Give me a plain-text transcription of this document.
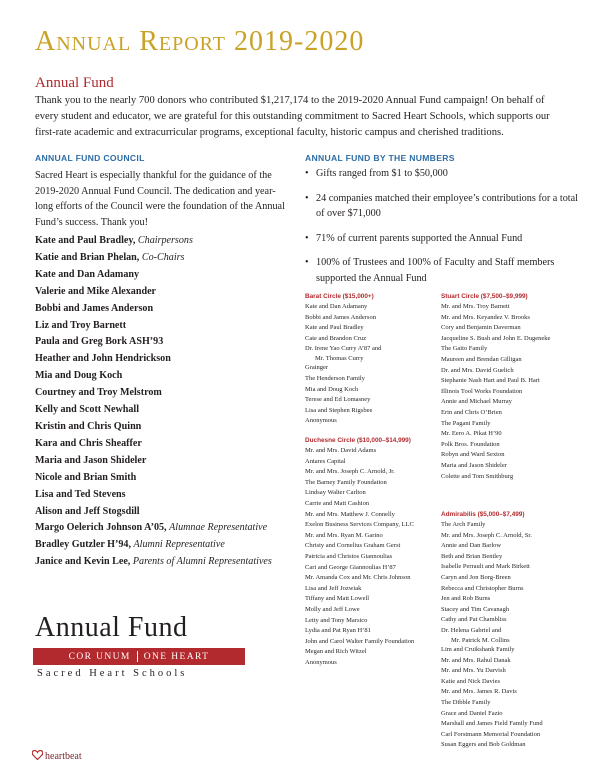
Annual Report 2019-2020
Annual Fund
Thank you to the nearly 700 donors who contributed $1,217,174 to the 2019-2020 Annual Fund campaign! On behalf of every student and educator, we are grateful for this outstanding commitment to Sacred Heart Schools, which supports our first-rate academic and extracurricular programs, exceptional faculty, historic campus and cherished traditions.
ANNUAL FUND COUNCIL
Sacred Heart is especially thankful for the guidance of the 2019-2020 Annual Fund Council. The dedication and year-long efforts of the Council were the foundation of the Annual Fund’s success. Thank you!
Kate and Paul Bradley, Chairpersons
Katie and Brian Phelan, Co-Chairs
Kate and Dan Adamany
Valerie and Mike Alexander
Bobbi and James Anderson
Liz and Troy Barnett
Paula and Greg Bork ASH’93
Heather and John Hendrickson
Mia and Doug Koch
Courtney and Troy Melstrom
Kelly and Scott Newhall
Kristin and Chris Quinn
Kara and Chris Sheaffer
Maria and Jason Shideler
Nicole and Brian Smith
Lisa and Ted Stevens
Alison and Jeff Stogsdill
Margo Oelerich Johnson A’05, Alumnae Representative
Bradley Gutzler H’94, Alumni Representative
Janice and Kevin Lee, Parents of Alumni Representatives
ANNUAL FUND BY THE NUMBERS
• Gifts ranged from $1 to $50,000
• 24 companies matched their employee’s contributions for a total of over $71,000
• 71% of current parents supported the Annual Fund
• 100% of Trustees and 100% of Faculty and Staff members supported the Annual Fund
Barat Circle ($15,000+)
Kate and Dan Adamany
Bobbi and James Anderson
Kate and Paul Bradley
Cate and Brandon Cruz
Dr. Irene Yao Curry A’87 and
Mr. Thomas Curry
Grainger
The Henderson Family
Mia and Doug Koch
Terese and Ed Lomasney
Lisa and Stephen Rigsbee
Anonymous
Duchesne Circle ($10,000–$14,999)
Mr. and Mrs. David Adams
Antares Capital
Mr. and Mrs. Joseph C. Arnold, Jr.
The Barney Family Foundation
Lindsay Walter Carlton
Carrie and Matt Cashion
Mr. and Mrs. Matthew J. Connelly
Exelon Business Services Company, LLC
Mr. and Mrs. Ryan M. Garino
Christy and Cornelius Graham Gerst
Patricia and Christos Giannoulias
Cari and George Giannoulias H’87
Mr. Amanda Cox and Mr. Chris Johnson
Lisa and Jeff Jozwiak
Tiffany and Matt Lowell
Molly and Jeff Lowe
Letty and Tony Marsico
Lydia and Pat Ryan H’81
John and Carol Walter Family Foundation
Megan and Rich Witzel
Anonymous
Stuart Circle ($7,500–$9,999)
Mr. and Mrs. Troy Barnett
Mr. and Mrs. Keyandez V. Brooks
Cory and Benjamin Daverman
Jacqueline S. Bush and John E. Dugeneke
The Gaito Family
Maureen and Brendan Gilligan
Dr. and Mrs. David Guelich
Stephanie Nash Hart and Paul B. Hart
Illinois Tool Works Foundation
Annie and Michael Murray
Erin and Chris O’Brien
The Pagani Family
Mr. Eero A. Pikat H’90
Polk Bros. Foundation
Robyn and Ward Sexton
Maria and Jason Shideler
Colette and Tom Smithburg
Admirabilis ($5,000–$7,499)
The Arch Family
Mr. and Mrs. Joseph C. Arnold, Sr.
Annie and Dan Barlow
Beth and Brian Bentley
Isabelle Perrault and Mark Birkett
Caryn and Jon Borg-Breen
Rebecca and Christopher Burns
Jen and Rob Burns
Stacey and Tim Cavanagh
Cathy and Pat Chambliss
Dr. Helena Gabriel and
Mr. Patrick M. Collins
Lim and Cruikshank Family
Mr. and Mrs. Rahul Danak
Mr. and Mrs. Yu Darvish
Katie and Nick Davies
Mr. and Mrs. James R. Davis
The Dibble Family
Grace and Daniel Fazio
Marshall and James Field Family Fund
Carl Forstmann Memorial Foundation
Susan Eggers and Bob Goldman
Annual Fund
COR UNUM ONE HEART
Sacred Heart Schools
heartbeat
